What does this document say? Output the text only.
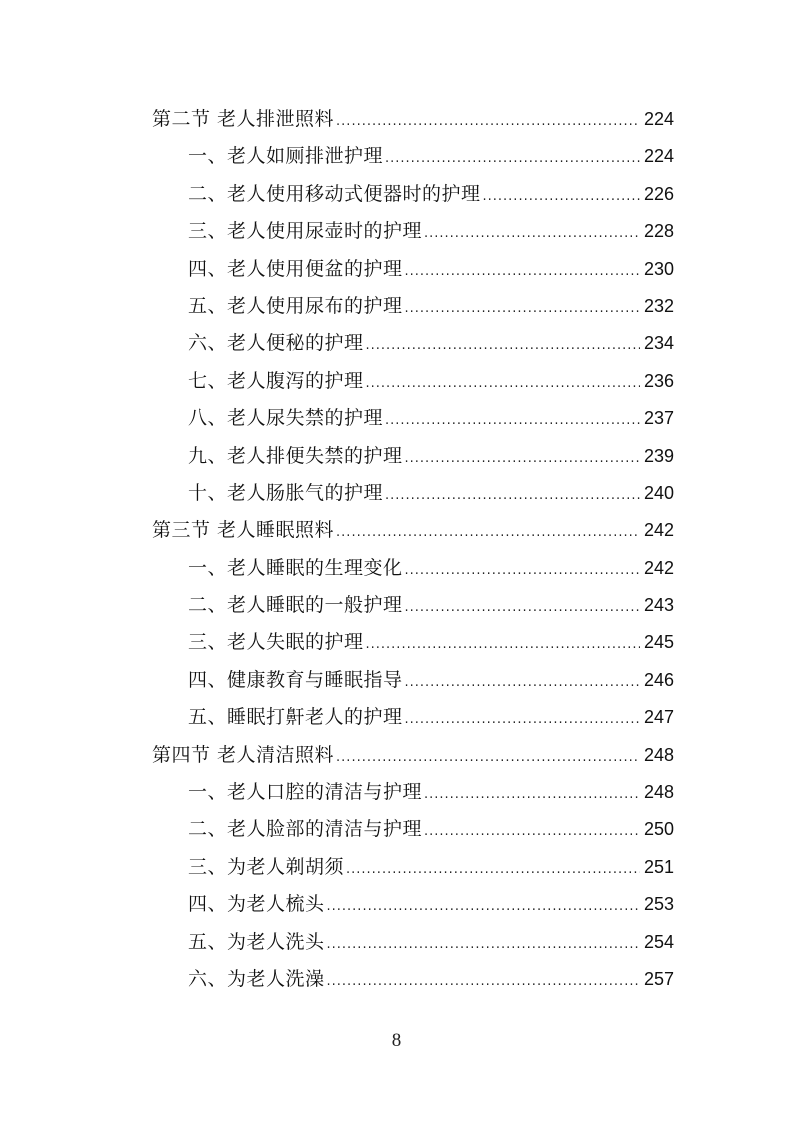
第二节 老人排泄照料 .....	224
一、老人如厕排泄护理 .....	224
二、老人使用移动式便器时的护理 .....	226
三、老人使用尿壶时的护理 .....	228
四、老人使用便盆的护理 .....	230
五、老人使用尿布的护理 .....	232
六、老人便秘的护理 .....	234
七、老人腹泻的护理 .....	236
八、老人尿失禁的护理 .....	237
九、老人排便失禁的护理 .....	239
十、老人肠胀气的护理 .....	240
第三节 老人睡眠照料 .....	242
一、老人睡眠的生理变化 .....	242
二、老人睡眠的一般护理 .....	243
三、老人失眠的护理 .....	245
四、健康教育与睡眠指导 .....	246
五、睡眠打鼾老人的护理 .....	247
第四节 老人清洁照料 .....	248
一、老人口腔的清洁与护理 .....	248
二、老人脸部的清洁与护理 .....	250
三、为老人剃胡须 .....	251
四、为老人梳头 .....	253
五、为老人洗头 .....	254
六、为老人洗澡 .....	257
8
